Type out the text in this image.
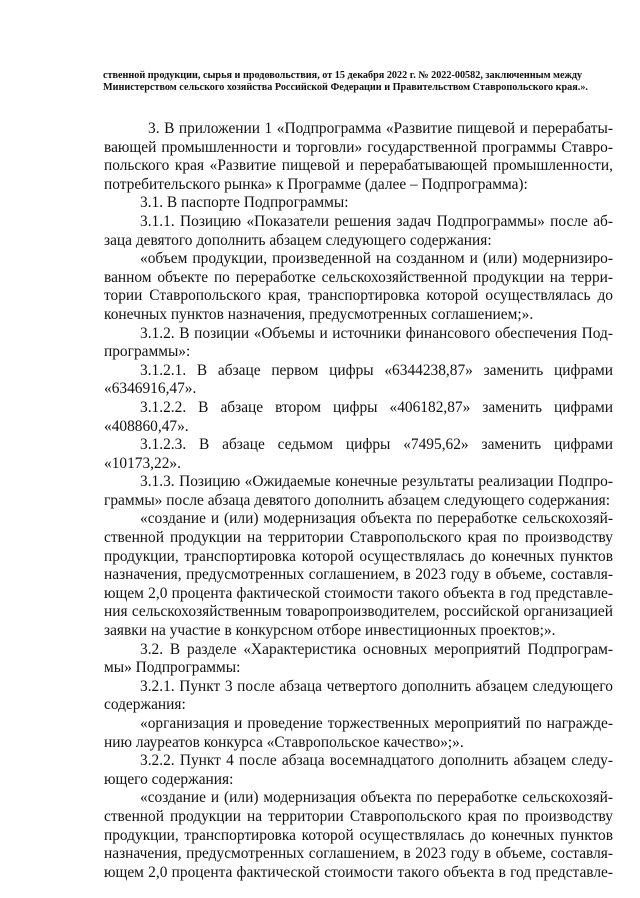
ственной продукции, сырья и продовольствия, от 15 декабря 2022 г. № 2022-00582, заключенным между
Министерством сельского хозяйства Российской Федерации и Правительством Ставропольского края.».
3. В приложении 1 «Подпрограмма «Развитие пищевой и перерабаты-
вающей промышленности и торговли» государственной программы Ставро-
польского края «Развитие пищевой и перерабатывающей промышленности,
потребительского рынка» к Программе (далее – Подпрограмма):
3.1. В паспорте Подпрограммы:
3.1.1. Позицию «Показатели решения задач Подпрограммы» после аб-
заца девятого дополнить абзацем следующего содержания:
«объем продукции, произведенной на созданном и (или) модернизиро-
ванном объекте по переработке сельскохозяйственной продукции на терри-
тории Ставропольского края, транспортировка которой осуществлялась до
конечных пунктов назначения, предусмотренных соглашением;».
3.1.2. В позиции «Объемы и источники финансового обеспечения Под-
программы»:
3.1.2.1. В абзаце первом цифры «6344238,87» заменить цифрами
«6346916,47».
3.1.2.2. В абзаце втором цифры «406182,87» заменить цифрами
«408860,47».
3.1.2.3. В абзаце седьмом цифры «7495,62» заменить цифрами
«10173,22».
3.1.3. Позицию «Ожидаемые конечные результаты реализации Подпро-
граммы» после абзаца девятого дополнить абзацем следующего содержания:
«создание и (или) модернизация объекта по переработке сельскохозяй-
ственной продукции на территории Ставропольского края по производству
продукции, транспортировка которой осуществлялась до конечных пунктов
назначения, предусмотренных соглашением, в 2023 году в объеме, составля-
ющем 2,0 процента фактической стоимости такого объекта в год представле-
ния сельскохозяйственным товаропроизводителем, российской организацией
заявки на участие в конкурсном отборе инвестиционных проектов;».
3.2. В разделе «Характеристика основных мероприятий Подпрограм-
мы» Подпрограммы:
3.2.1. Пункт 3 после абзаца четвертого дополнить абзацем следующего
содержания:
«организация и проведение торжественных мероприятий по награжде-
нию лауреатов конкурса «Ставропольское качество»;».
3.2.2. Пункт 4 после абзаца восемнадцатого дополнить абзацем следу-
ющего содержания:
«создание и (или) модернизация объекта по переработке сельскохозяй-
ственной продукции на территории Ставропольского края по производству
продукции, транспортировка которой осуществлялась до конечных пунктов
назначения, предусмотренных соглашением, в 2023 году в объеме, составля-
ющем 2,0 процента фактической стоимости такого объекта в год представле-
